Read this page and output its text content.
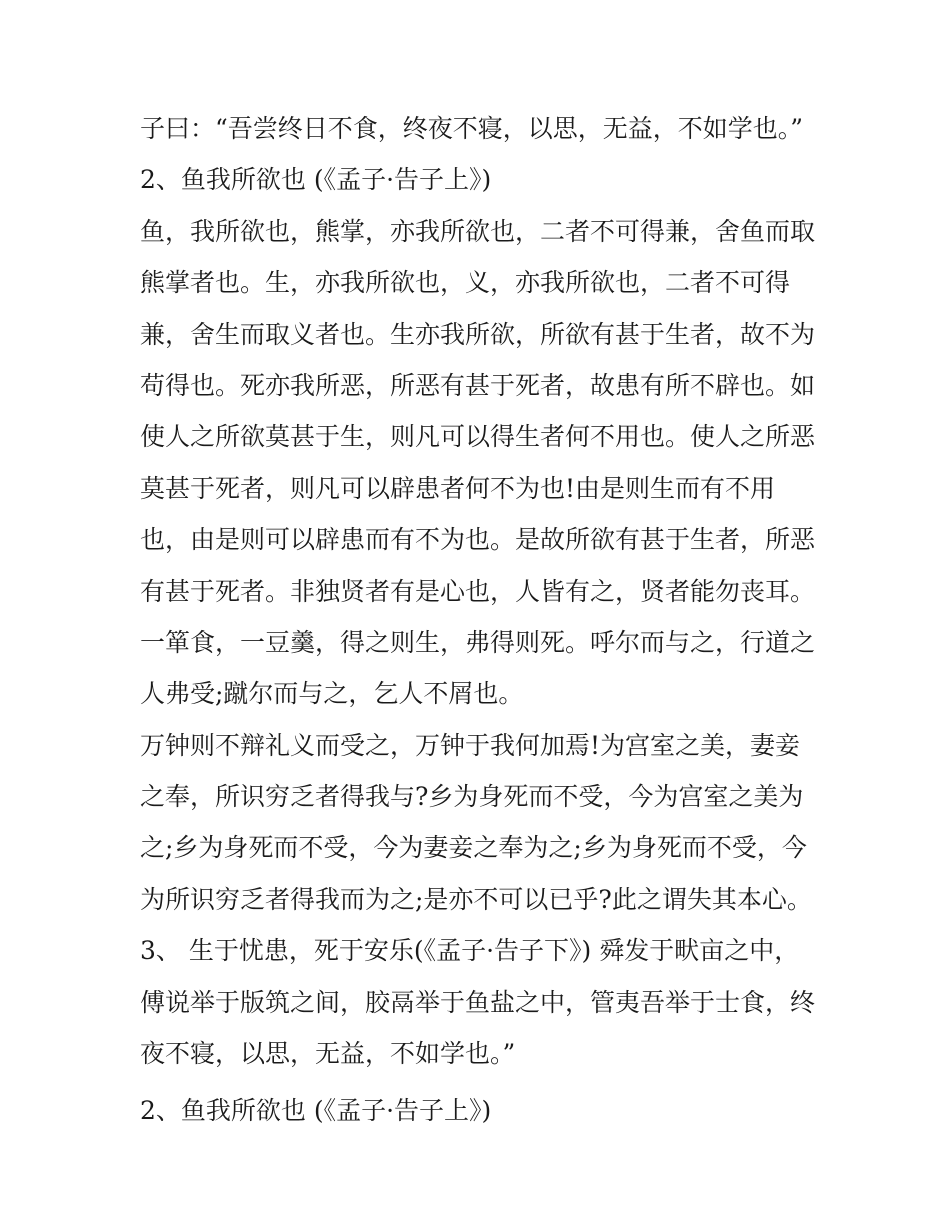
子曰：“吾尝终日不食，终夜不寝，以思，无益，不如学也。”
2、鱼我所欲也 (《孟子·告子上》)
鱼，我所欲也，熊掌，亦我所欲也，二者不可得兼，舍鱼而取
熊掌者也。生，亦我所欲也，义，亦我所欲也，二者不可得
兼，舍生而取义者也。生亦我所欲，所欲有甚于生者，故不为
苟得也。死亦我所恶，所恶有甚于死者，故患有所不辟也。如
使人之所欲莫甚于生，则凡可以得生者何不用也。使人之所恶
莫甚于死者，则凡可以辟患者何不为也!由是则生而有不用
也，由是则可以辟患而有不为也。是故所欲有甚于生者，所恶
有甚于死者。非独贤者有是心也，人皆有之，贤者能勿丧耳。
一箪食，一豆羹，得之则生，弗得则死。呼尔而与之，行道之
人弗受;蹴尔而与之，乞人不屑也。
万钟则不辩礼义而受之，万钟于我何加焉!为宫室之美，妻妾
之奉，所识穷乏者得我与?乡为身死而不受，今为宫室之美为
之;乡为身死而不受，今为妻妾之奉为之;乡为身死而不受，今
为所识穷乏者得我而为之;是亦不可以已乎?此之谓失其本心。
3、 生于忧患，死于安乐(《孟子·告子下》) 舜发于畎亩之中，
傅说举于版筑之间，胶鬲举于鱼盐之中，管夷吾举于士食，终
夜不寝，以思，无益，不如学也。”
2、鱼我所欲也 (《孟子·告子上》)
